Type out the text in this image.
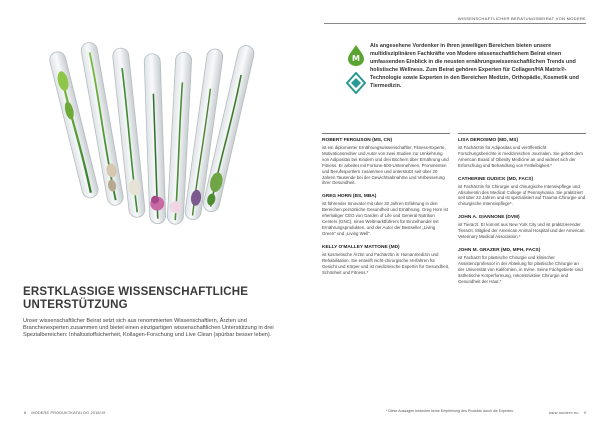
ERSTKLASSIGE WISSENSCHAFTLICHE UNTERSTÜTZUNG
Unser wissenschaftlicher Beirat setzt sich aus renommierten Wissenschaftlern, Ärzten und Branchenexperten zusammen und bietet einen einzigartigen wissenschaftlichen Unterstützung in drei Spezialbereichen: Inhaltsstoffsicherheit, Kollagen-Forschung und Live Clean (spürbar besser leben).
8 MODERE PRODUKTKATALOG 2018/19
WISSENSCHAFTLICHER BERATUNGSBEIRAT VON MODERE
M
Als angesehene Vordenker in ihren jeweiligen Bereichen bieten unsere multidisziplinären Fachkräfte von Modere wissenschaftlichem Beirat einen umfassenden Einblick in die neusten ernährungswissenschaftlichen Trends und holistische Wellness. Zum Beirat gehören Experten für Collagen/HA Matrix®-Technologie sowie Experten in den Bereichen Medizin, Orthopädie, Kosmetik und Tiermedizin.
ROBERT FERGUSON (MS, CN)
ist ein diplomierter Ernährungswissenschaftler, Fitness-Experte, Motivationsredner und Autor von zwei Studien zur Umkehrung von Adipositas bei Kindern und drei Büchern über Ernährung und Fitness. Er arbeitet mit Fortune-500-Unternehmen, Prominenten und Berufssportlern zusammen und unterstützt seit über 20 Jahren Tausende bei der Gewichtsabnahme und Verbesserung ihrer Gesundheit.
GREG HORN (BS, MBA)
ist führender Innovator mit über 20 Jahren Erfahrung in den Bereichen persönliche Gesundheit und Ernährung. Greg Horn ist ehemaliger CEO von Garden of Life und General Nutrition Centers (GNC), eines Weltmarktführers für Einzelhandel mit Ernährungsprodukten, und der Autor der Bestseller „Living Green" und „Living Well".
KELLY O'MALLEY MATTONE (MD)
ist kosmetische Ärztin und Fachärztin in Humanmedizin und Rehabilitation. Sie entwirft nicht-chirurgische Verfahren für Gesicht und Körper und ist medizinische Expertin für Gesundheit, Schönheit und Fitness.*
LISA DEROSIMO (MD, MS)
ist Fachärztin für Adipositas und veröffentlicht Forschungsberichte in medizinischen Journalen. Sie gehört dem American Board of Obesity Medicine an und widmet sich der Erforschung und Behandlung von Fettleibigkeit.*
CATHERINE DUDICK (MD, FACS)
ist Fachärztin für Chirurgie und chirurgische Intensivpflege und Absolventin des Medical College of Pennsylvania. Sie praktiziert seit über 22 Jahren und ist spezialisiert auf Trauma-Chirurgie und chirurgische Intensivpflege*.
JOHN A. GIANNONE (DVM)
ist Tierarzt. Er kommt aus New York City und ist praktizierender Tierarzt, Mitglied der American Animal Hospital und der American Veterinary Medical Association.*
JOHN M. GRAZER (MD, MPH, FACS)
ist Facharzt für plastische Chirurgie und klinischer Assistenzprofessor in der Abteilung für plastische Chirurgie an der Universität von Kalifornien, in Irvine. Seine Fachgebiete sind ästhetische Körperformung, rekonstruktive Chirurgie und Gesundheit der Haut.*
* Diese Aussagen bedeuten keine Empfehlung des Produkts durch die Experten.	www.modere.eu 9
